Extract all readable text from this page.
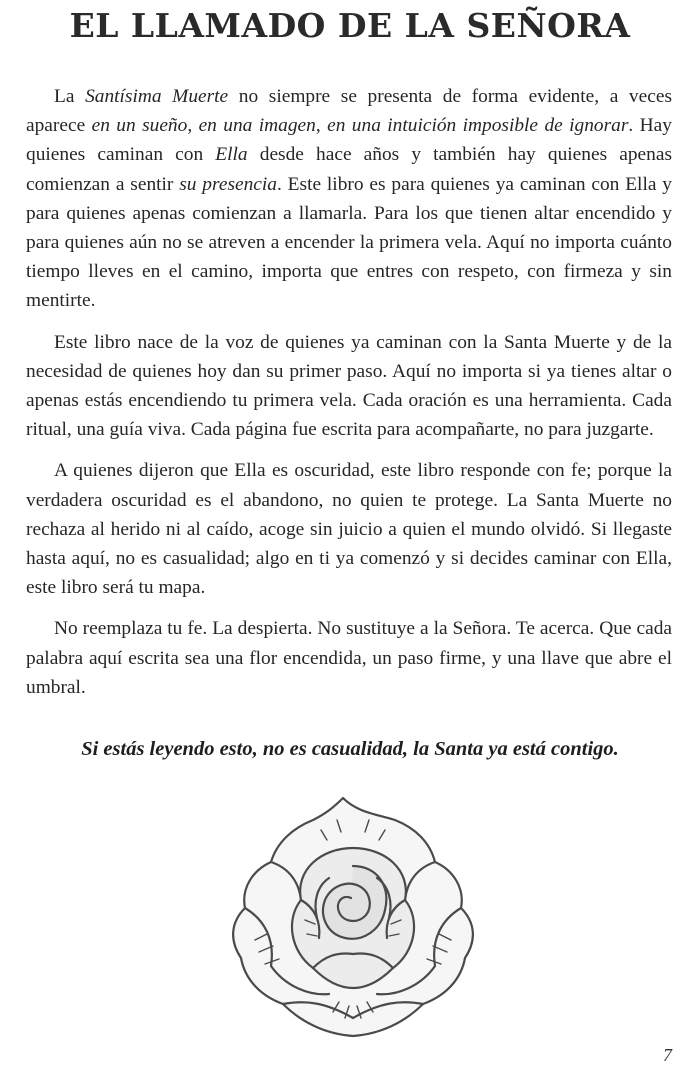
EL LLAMADO DE LA SEÑORA

La Santísima Muerte no siempre se presenta de forma evidente, a veces aparece en un sueño, en una imagen, en una intuición imposible de ignorar. Hay quienes caminan con Ella desde hace años y también hay quienes apenas comienzan a sentir su presencia. Este libro es para quienes ya caminan con Ella y para quienes apenas comienzan a llamarla. Para los que tienen altar encendido y para quienes aún no se atreven a encender la primera vela. Aquí no importa cuánto tiempo lleves en el camino, importa que entres con respeto, con firmeza y sin mentirte.

Este libro nace de la voz de quienes ya caminan con la Santa Muerte y de la necesidad de quienes hoy dan su primer paso. Aquí no importa si ya tienes altar o apenas estás encendiendo tu primera vela. Cada oración es una herramienta. Cada ritual, una guía viva. Cada página fue escrita para acompañarte, no para juzgarte.

A quienes dijeron que Ella es oscuridad, este libro responde con fe; porque la verdadera oscuridad es el abandono, no quien te protege. La Santa Muerte no rechaza al herido ni al caído, acoge sin juicio a quien el mundo olvidó. Si llegaste hasta aquí, no es casualidad; algo en ti ya comenzó y si decides caminar con Ella, este libro será tu mapa.

No reemplaza tu fe. La despierta. No sustituye a la Señora. Te acerca. Que cada palabra aquí escrita sea una flor encendida, un paso firme, y una llave que abre el umbral.

Si estás leyendo esto, no es casualidad, la Santa ya está contigo.

7
